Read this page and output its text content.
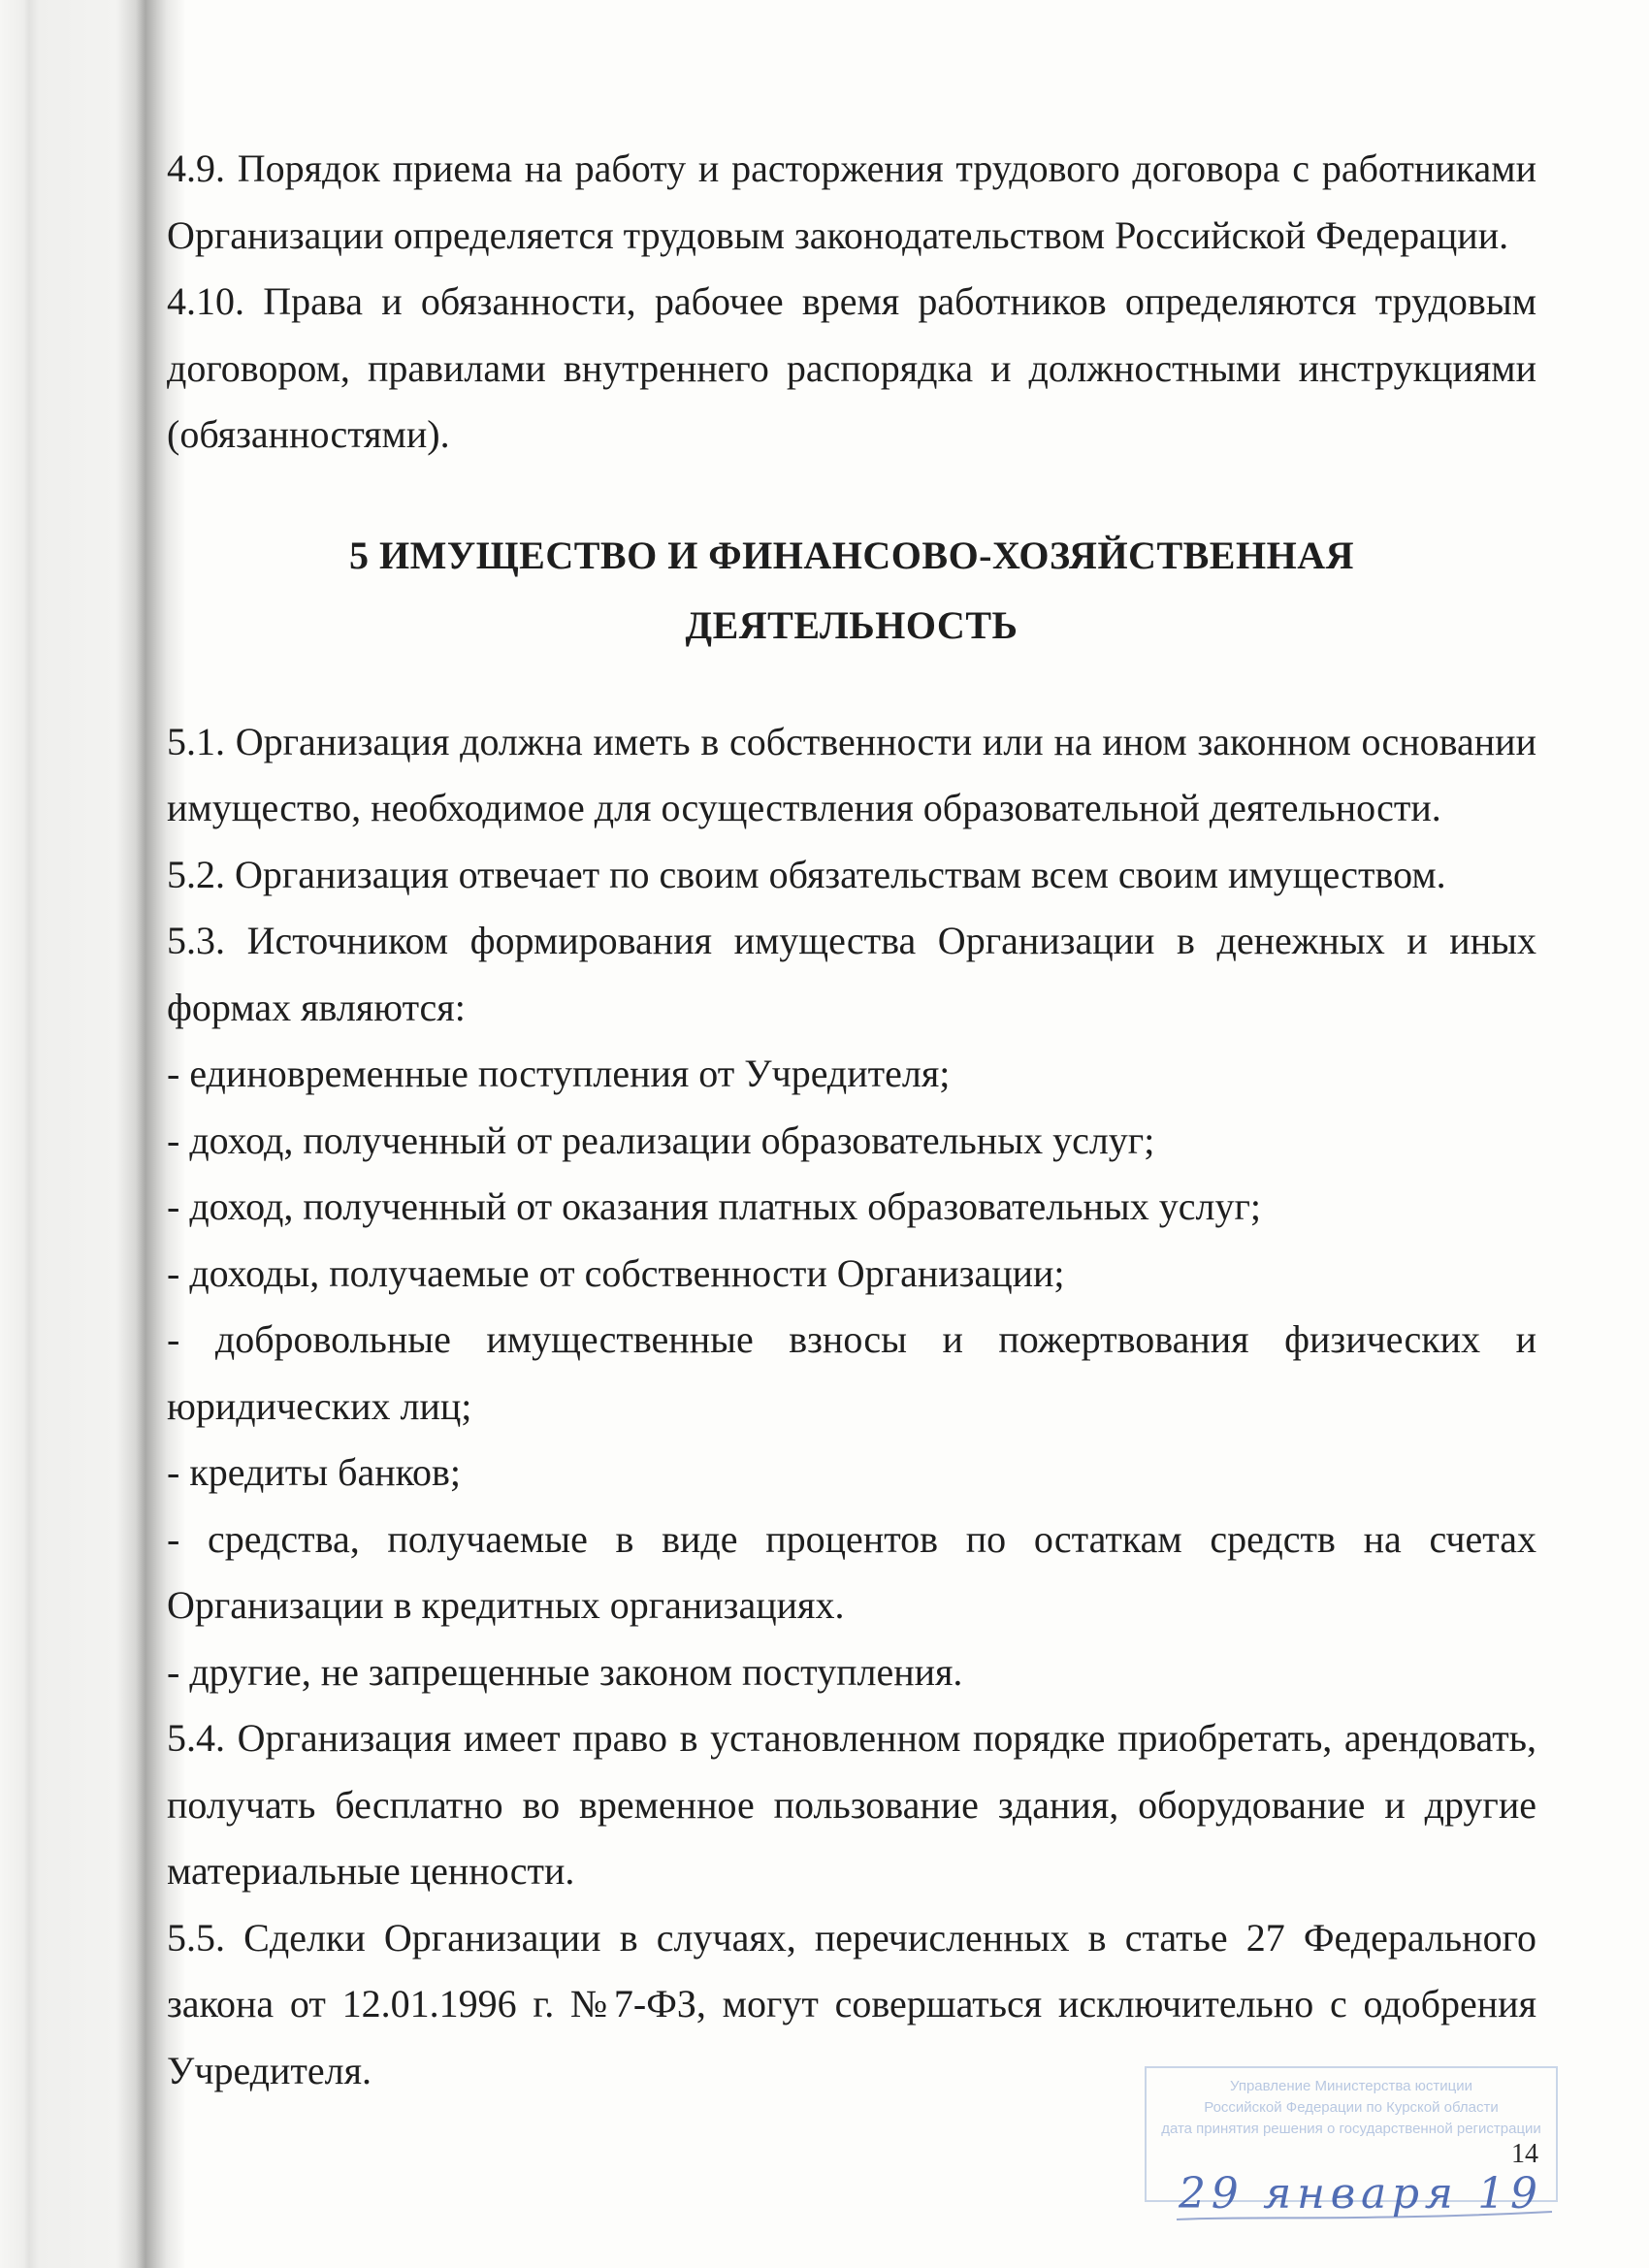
4.9. Порядок приема на работу и расторжения трудового договора с работниками Организации определяется трудовым законодательством Российской Федерации.

4.10. Права и обязанности, рабочее время работников определяются трудовым договором, правилами внутреннего распорядка и должностными инструкциями (обязанностями).

5 ИМУЩЕСТВО И ФИНАНСОВО-ХОЗЯЙСТВЕННАЯ
ДЕЯТЕЛЬНОСТЬ

5.1. Организация должна иметь в собственности или на ином законном основании имущество, необходимое для осуществления образовательной деятельности.

5.2. Организация отвечает по своим обязательствам всем своим имуществом.

5.3. Источником формирования имущества Организации в денежных и иных формах являются:

- единовременные поступления от Учредителя;

- доход, полученный от реализации образовательных услуг;

- доход, полученный от оказания платных образовательных услуг;

- доходы, получаемые от собственности Организации;

- добровольные имущественные взносы и пожертвования физических и юридических лиц;

- кредиты банков;

- средства, получаемые в виде процентов по остаткам средств на счетах Организации в кредитных организациях.

- другие, не запрещенные законом поступления.

5.4. Организация имеет право в установленном порядке приобретать, арендовать, получать бесплатно во временное пользование здания, оборудование и другие материальные ценности.

5.5. Сделки Организации в случаях, перечисленных в статье 27 Федерального закона от 12.01.1996 г. №7-ФЗ, могут совершаться исключительно с одобрения Учредителя.	Управление Министерства юстиции
Российской Федерации по Курской области
дата принятия решения о государственной регистрации
14
29 января 19
